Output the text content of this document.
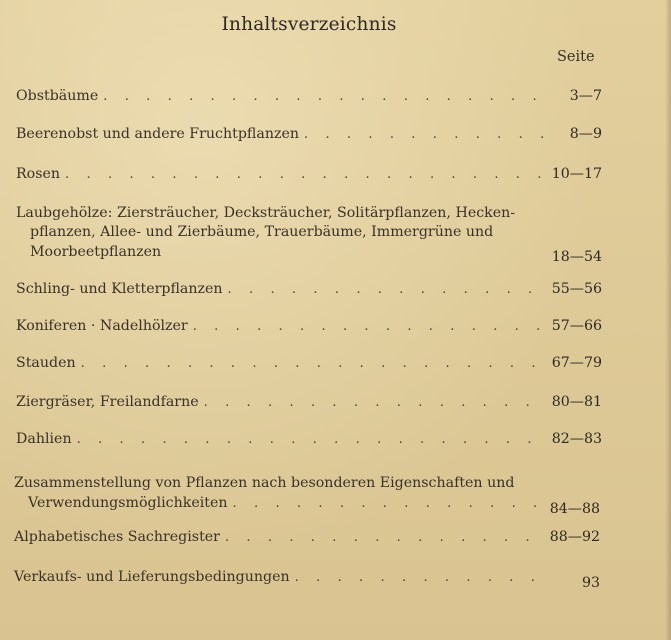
Inhaltsverzeichnis
Seite
Obstbäume . . .	3—7
Beerenobst und andere Fruchtpflanzen . . .	8—9
Rosen . . .	10—17
Laubgehölze: Ziersträucher, Decksträucher, Solitärpflanzen, Hecken-
pflanzen, Allee- und Zierbäume, Trauerbäume, Immergrüne und
Moorbeetpflanzen	18—54
Schling- und Kletterpflanzen . . .	55—56
Koniferen · Nadelhölzer . . .	57—66
Stauden . . .	67—79
Ziergräser, Freilandfarne . . .	80—81
Dahlien . . .	82—83
Zusammenstellung von Pflanzen nach besonderen Eigenschaften und
Verwendungsmöglichkeiten . . .	84—88
Alphabetisches Sachregister . . .	88—92
Verkaufs- und Lieferungsbedingungen . . .	93
